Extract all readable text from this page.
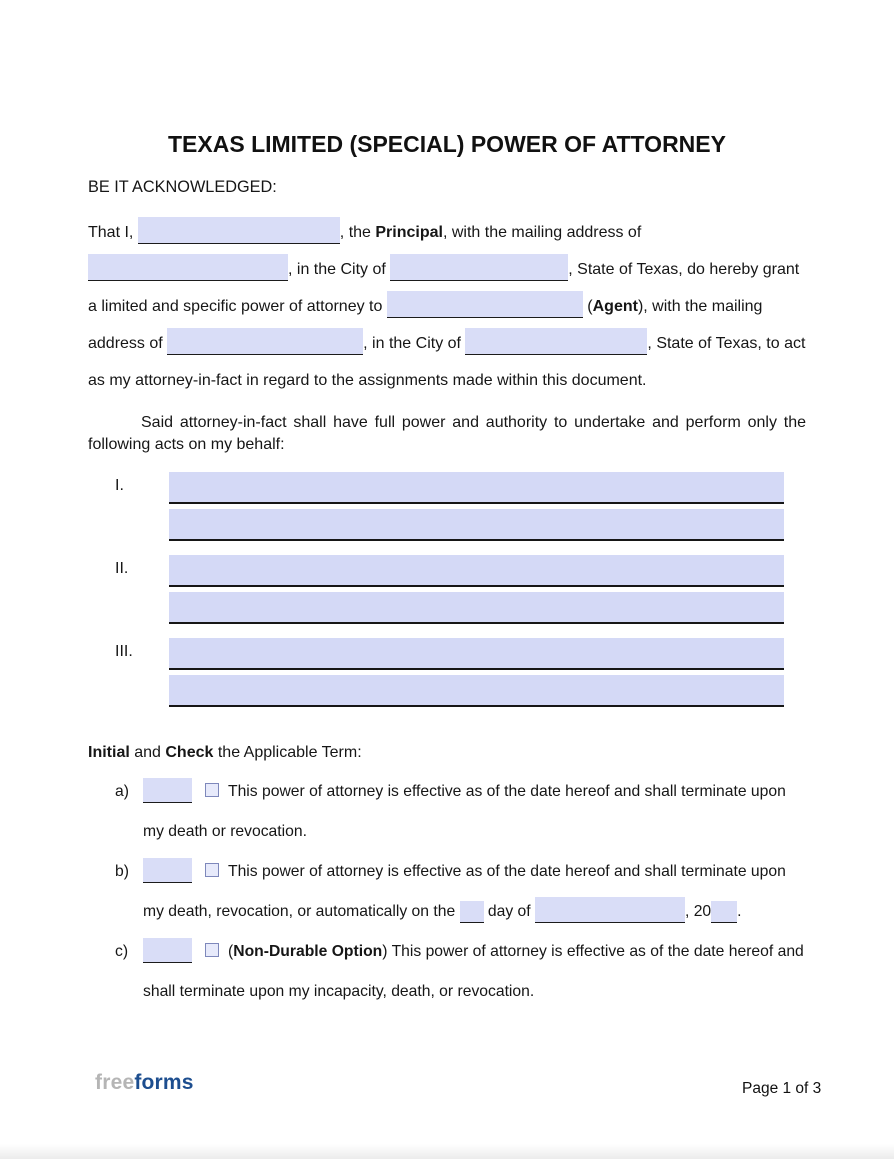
TEXAS LIMITED (SPECIAL) POWER OF ATTORNEY

BE IT ACKNOWLEDGED:

That I,	, the Principal, with the mailing address of , in the City of	, State of Texas, do hereby grant a limited and specific power of attorney to	(Agent), with the mailing address of	, in the City of	, State of Texas, to act as my attorney-in-fact in regard to the assignments made within this document.

Said attorney-in-fact shall have full power and authority to undertake and perform only the following acts on my behalf:

I.
II.
III.

Initial and Check the Applicable Term:

a)	This power of attorney is effective as of the date hereof and shall terminate upon my death or revocation.

b)	This power of attorney is effective as of the date hereof and shall terminate upon my death, revocation, or automatically on the  day of	, 20 .

c)	(Non-Durable Option) This power of attorney is effective as of the date hereof and shall terminate upon my incapacity, death, or revocation.

freeforms	Page 1 of 3
